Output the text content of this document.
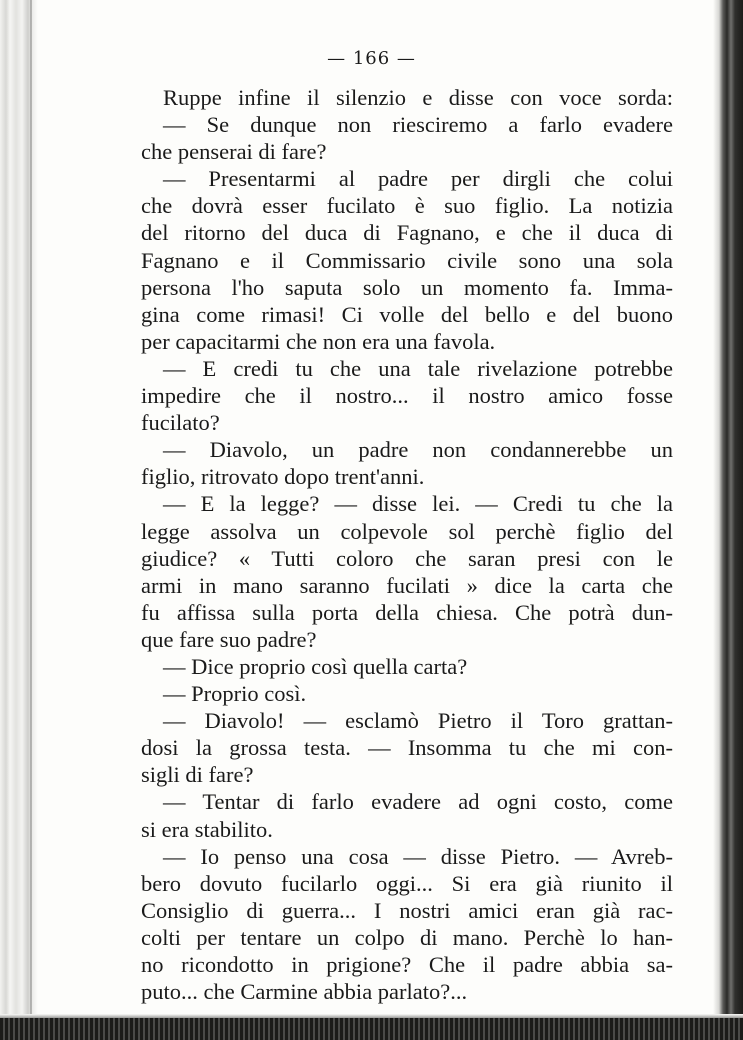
— 166 —
Ruppe infine il silenzio e disse con voce sorda:
— Se dunque non riesciremo a farlo evadere
che penserai di fare?
— Presentarmi al padre per dirgli che colui
che dovrà esser fucilato è suo figlio. La notizia
del ritorno del duca di Fagnano, e che il duca di
Fagnano e il Commissario civile sono una sola
persona l'ho saputa solo un momento fa. Imma-
gina come rimasi! Ci volle del bello e del buono
per capacitarmi che non era una favola.
— E credi tu che una tale rivelazione potrebbe
impedire che il nostro... il nostro amico fosse
fucilato?
— Diavolo, un padre non condannerebbe un
figlio, ritrovato dopo trent'anni.
— E la legge? — disse lei. — Credi tu che la
legge assolva un colpevole sol perchè figlio del
giudice? « Tutti coloro che saran presi con le
armi in mano saranno fucilati » dice la carta che
fu affissa sulla porta della chiesa. Che potrà dun-
que fare suo padre?
— Dice proprio così quella carta?
— Proprio così.
— Diavolo! — esclamò Pietro il Toro grattan-
dosi la grossa testa. — Insomma tu che mi con-
sigli di fare?
— Tentar di farlo evadere ad ogni costo, come
si era stabilito.
— Io penso una cosa — disse Pietro. — Avreb-
bero dovuto fucilarlo oggi... Si era già riunito il
Consiglio di guerra... I nostri amici eran già rac-
colti per tentare un colpo di mano. Perchè lo han-
no ricondotto in prigione? Che il padre abbia sa-
puto... che Carmine abbia parlato?...
